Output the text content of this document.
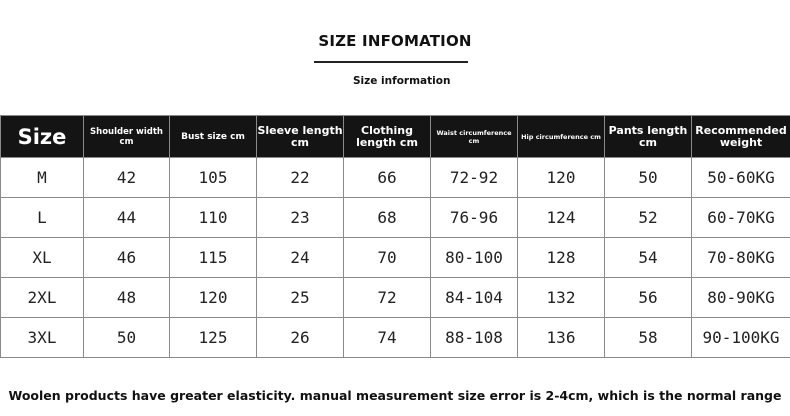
SIZE INFOMATION
Size information
Size	Shoulder width cm	Bust size cm	Sleeve length cm	Clothing length cm	Waist circumference cm	Hip circumference cm	Pants length cm	Recommended weight
M	42	105	22	66	72-92	120	50	50-60KG
L	44	110	23	68	76-96	124	52	60-70KG
XL	46	115	24	70	80-100	128	54	70-80KG
2XL	48	120	25	72	84-104	132	56	80-90KG
3XL	50	125	26	74	88-108	136	58	90-100KG
Woolen products have greater elasticity. manual measurement size error is 2-4cm, which is the normal range
